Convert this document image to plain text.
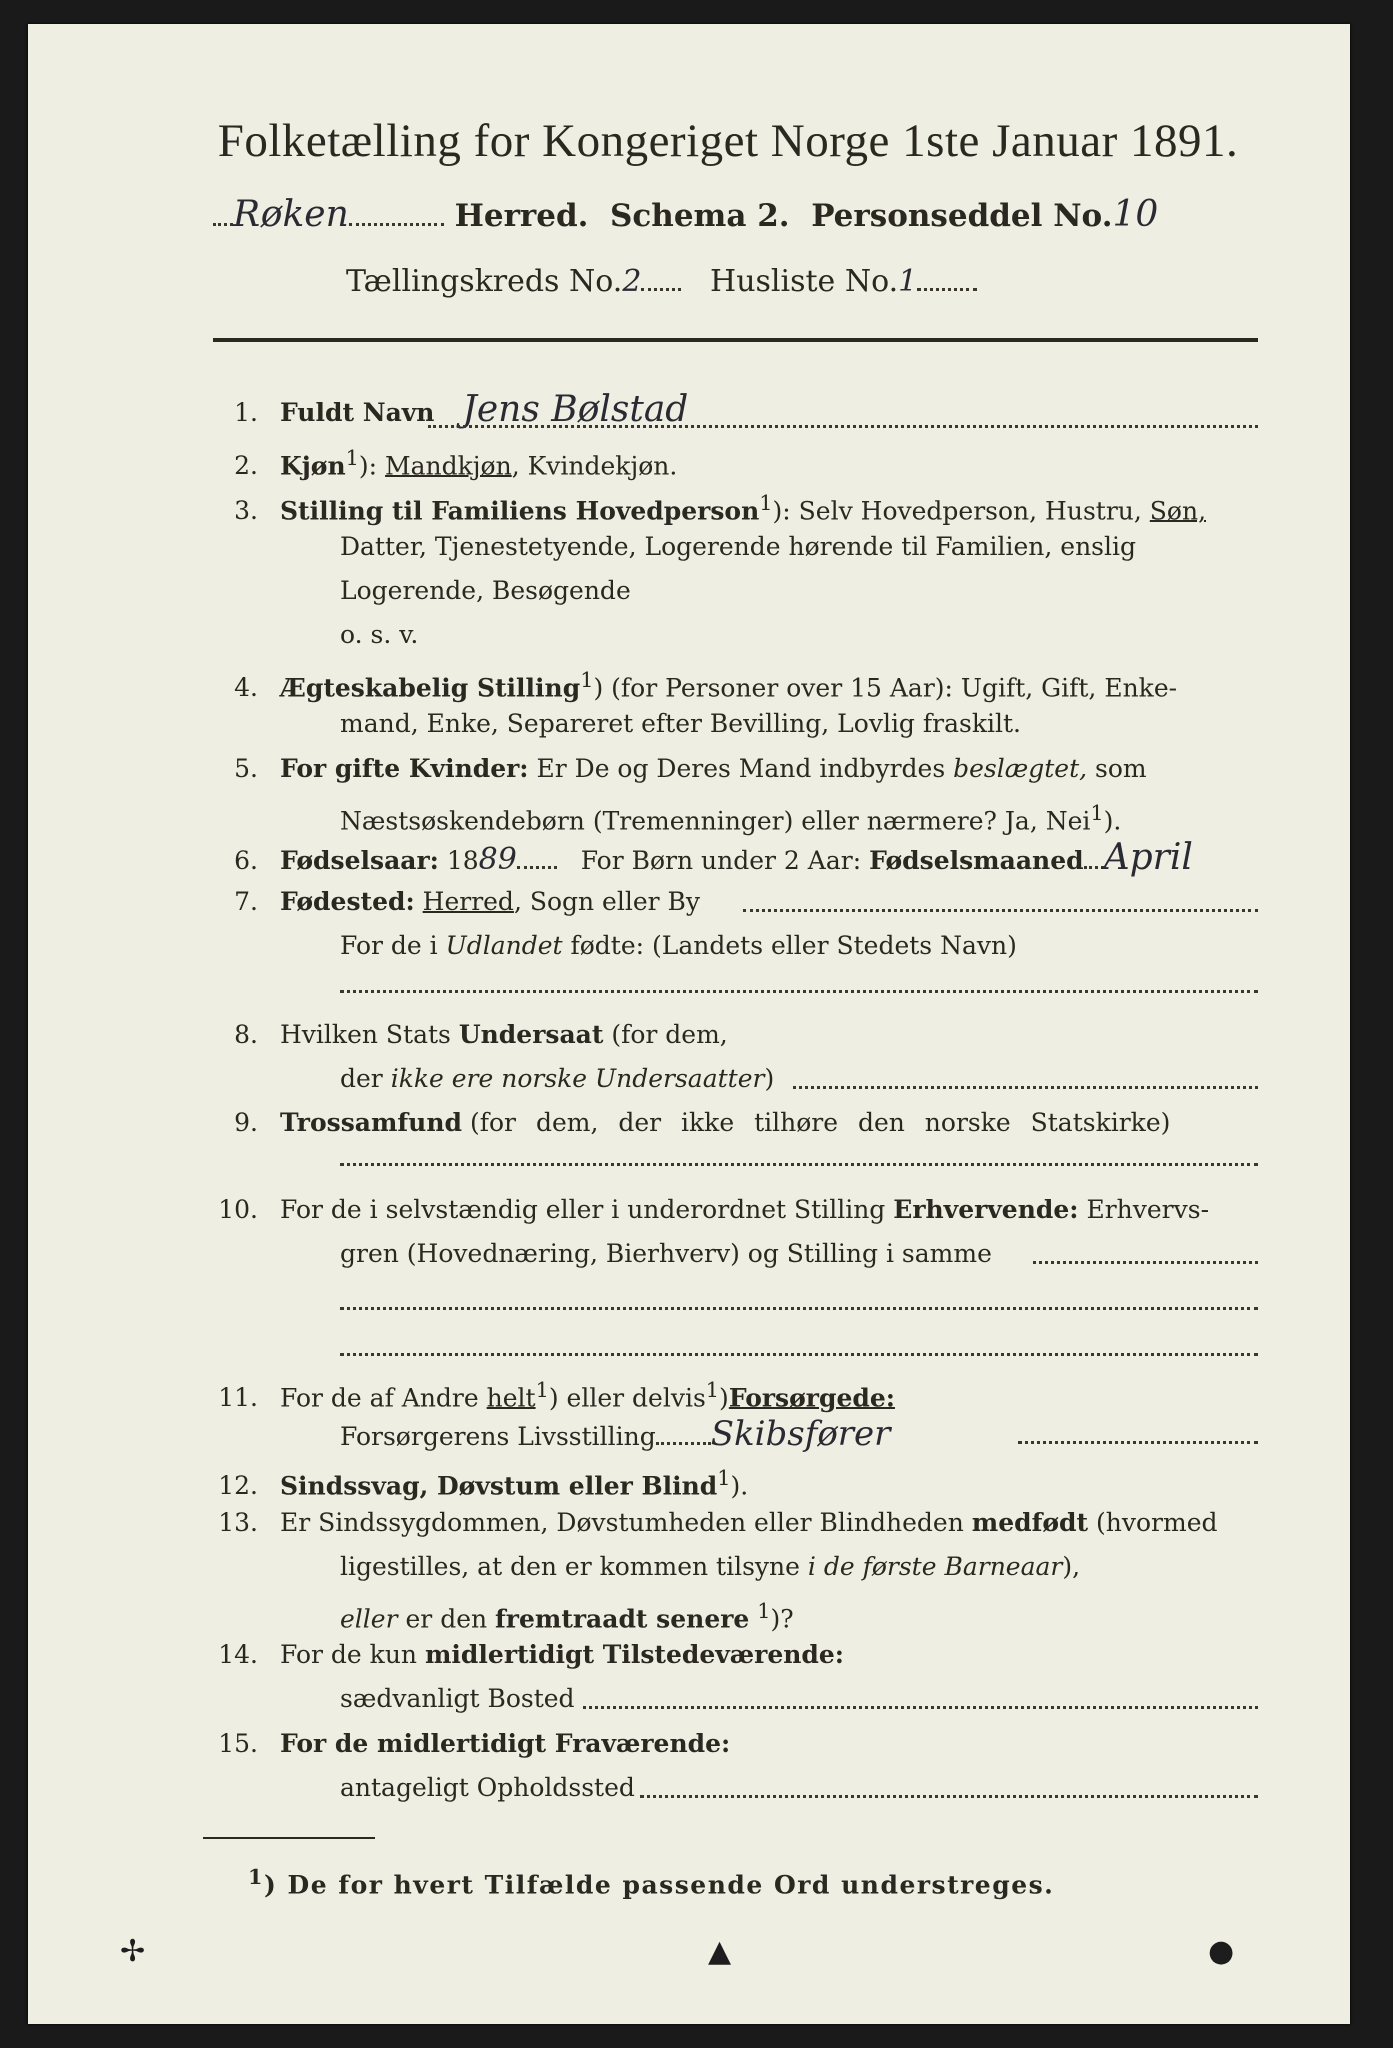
Folketælling for Kongeriget Norge 1ste Januar 1891.
Røken	Herred. Schema 2. Personseddel No.10
Tællingskreds No.2 Husliste No.1
1. Fuldt Navn Jens Bølstad
2. Kjøn$^1$): Mandkjøn, Kvindekjøn.
3. Stilling til Familiens Hovedperson$^1$): Selv Hovedperson, Hustru, Søn,
Datter, Tjenestetyende, Logerende hørende til Familien, enslig
Logerende, Besøgende
o. s. v.
4. Ægteskabelig Stilling$^1$) (for Personer over 15 Aar): Ugift, Gift, Enke-
mand, Enke, Separeret efter Bevilling, Lovlig fraskilt.
5. For gifte Kvinder: Er De og Deres Mand indbyrdes beslægtet, som
Næstsøskendebørn (Tremenninger) eller nærmere? Ja, Nei$^1$).
6. Fødselsaar: 1889	For Børn under 2 Aar: Fødselsmaaned April
7. Fødested: Herred, Sogn eller By
For de i Udlandet fødte: (Landets eller Stedets Navn)
8. Hvilken Stats Undersaat (for dem,
der ikke ere norske Undersaatter)
9. Trossamfund (for dem, der ikke tilhøre den norske Statskirke)
10. For de i selvstændig eller i underordnet Stilling Erhvervende: Erhvervs-
gren (Hovednæring, Bierhverv) og Stilling i samme
11. For de af Andre helt$^1$) eller delvis$^1$)Forsørgede:
Forsørgerens Livsstilling Skibsfører
12. Sindssvag, Døvstum eller Blind$^1$).
13. Er Sindssygdommen, Døvstumheden eller Blindheden medfødt (hvormed
ligestilles, at den er kommen tilsyne i de første Barneaar),
eller er den fremtraadt senere $^1$)?
14. For de kun midlertidigt Tilstedeværende:
sædvanligt Bosted
15. For de midlertidigt Fraværende:
antageligt Opholdssted
$^1$) De for hvert Tilfælde passende Ord understreges.
✢	▲	●
